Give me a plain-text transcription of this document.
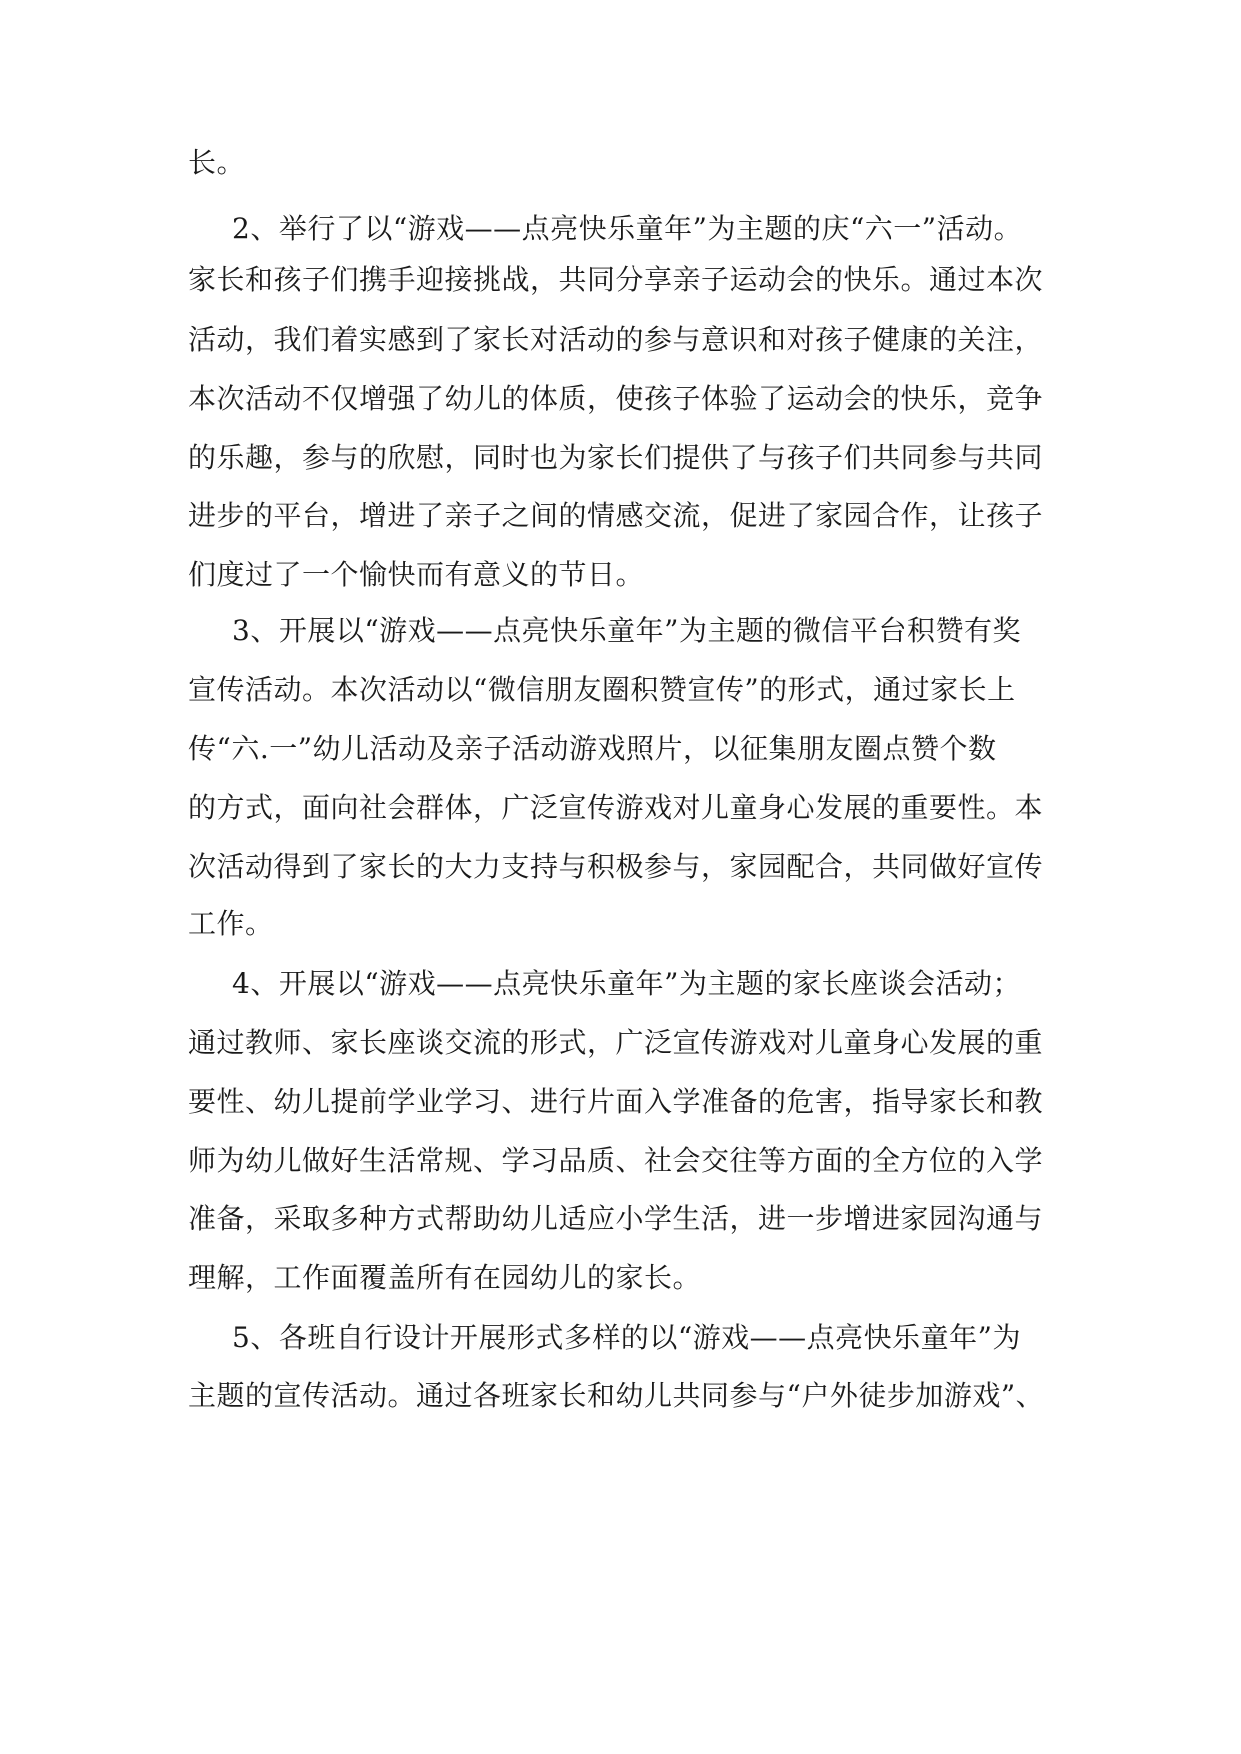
长。
2、举行了以“游戏——点亮快乐童年”为主题的庆“六一”活动。
家长和孩子们携手迎接挑战，共同分享亲子运动会的快乐。通过本次
活动，我们着实感到了家长对活动的参与意识和对孩子健康的关注，
本次活动不仅增强了幼儿的体质，使孩子体验了运动会的快乐，竞争
的乐趣，参与的欣慰，同时也为家长们提供了与孩子们共同参与共同
进步的平台，增进了亲子之间的情感交流，促进了家园合作，让孩子
们度过了一个愉快而有意义的节日。
3、开展以“游戏——点亮快乐童年”为主题的微信平台积赞有奖
宣传活动。本次活动以“微信朋友圈积赞宣传”的形式，通过家长上
传“六.一”幼儿活动及亲子活动游戏照片，以征集朋友圈点赞个数
的方式，面向社会群体，广泛宣传游戏对儿童身心发展的重要性。本
次活动得到了家长的大力支持与积极参与，家园配合，共同做好宣传
工作。
4、开展以“游戏——点亮快乐童年”为主题的家长座谈会活动；
通过教师、家长座谈交流的形式，广泛宣传游戏对儿童身心发展的重
要性、幼儿提前学业学习、进行片面入学准备的危害，指导家长和教
师为幼儿做好生活常规、学习品质、社会交往等方面的全方位的入学
准备，采取多种方式帮助幼儿适应小学生活，进一步增进家园沟通与
理解，工作面覆盖所有在园幼儿的家长。
5、各班自行设计开展形式多样的以“游戏——点亮快乐童年”为
主题的宣传活动。通过各班家长和幼儿共同参与“户外徒步加游戏”、
